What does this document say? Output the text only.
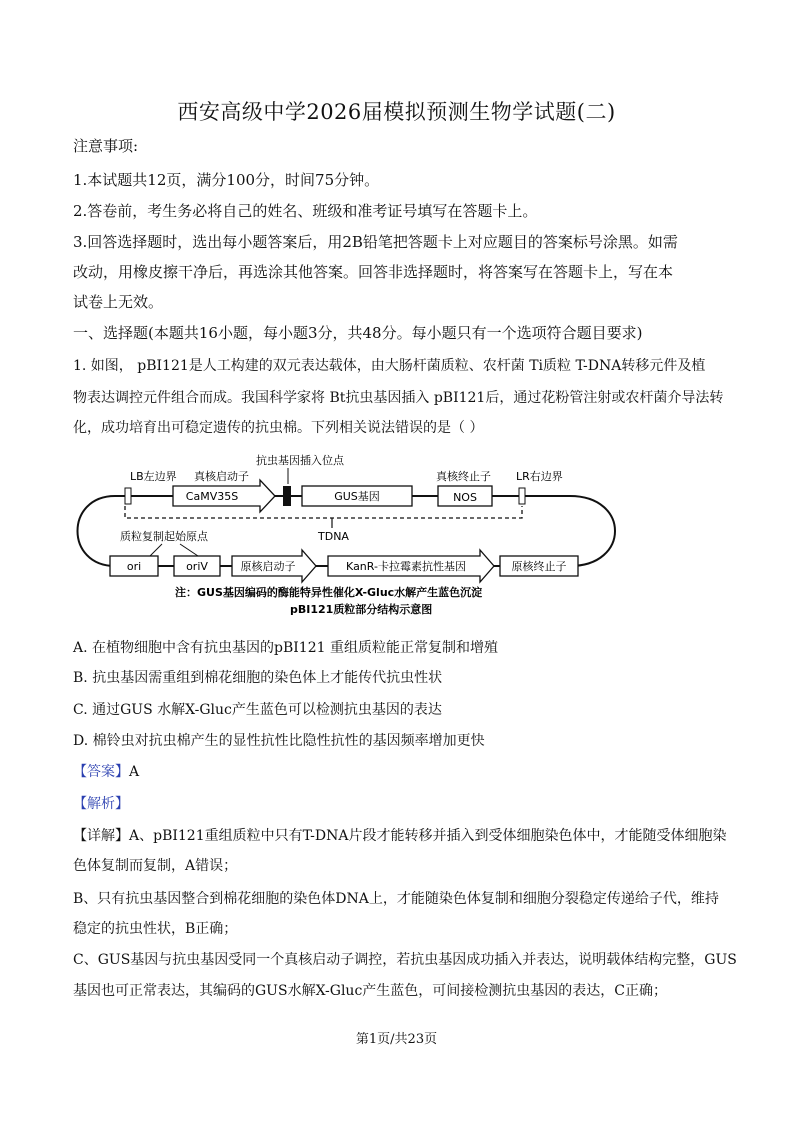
西安高级中学2026届模拟预测生物学试题(二)
注意事项:
1.本试题共12页，满分100分，时间75分钟。
2.答卷前，考生务必将自己的姓名、班级和准考证号填写在答题卡上。
3.回答选择题时，选出每小题答案后，用2B铅笔把答题卡上对应题目的答案标号涂黑。如需
改动，用橡皮擦干净后，再选涂其他答案。回答非选择题时，将答案写在答题卡上，写在本
试卷上无效。
一、选择题(本题共16小题，每小题3分，共48分。每小题只有一个选项符合题目要求)
1. 如图， pBI121是人工构建的双元表达载体，由大肠杆菌质粒、农杆菌 Ti质粒 T-DNA转移元件及植
物表达调控元件组合而成。我国科学家将 Bt抗虫基因插入 pBI121后，通过花粉管注射或农杆菌介导法转
化，成功培育出可稳定遗传的抗虫棉。下列相关说法错误的是（ ）
CaMV35S	GUS基因	NOS
LB左边界 真核启动子
抗虫基因插入位点
真核终止子 LR右边界
TDNA
质粒复制起始原点
ori	oriV	原核启动子	KanR-卡拉霉素抗性基因	原核终止子
注：GUS基因编码的酶能特异性催化X-Gluc水解产生蓝色沉淀
pBI121质粒部分结构示意图
A. 在植物细胞中含有抗虫基因的pBI121 重组质粒能正常复制和增殖
B. 抗虫基因需重组到棉花细胞的染色体上才能传代抗虫性状
C. 通过GUS 水解X-Gluc产生蓝色可以检测抗虫基因的表达
D. 棉铃虫对抗虫棉产生的显性抗性比隐性抗性的基因频率增加更快
【答案】A
【解析】
【详解】A、pBI121重组质粒中只有T-DNA片段才能转移并插入到受体细胞染色体中，才能随受体细胞染
色体复制而复制，A错误；
B、只有抗虫基因整合到棉花细胞的染色体DNA上，才能随染色体复制和细胞分裂稳定传递给子代，维持
稳定的抗虫性状，B正确；
C、GUS基因与抗虫基因受同一个真核启动子调控，若抗虫基因成功插入并表达，说明载体结构完整，GUS
基因也可正常表达，其编码的GUS水解X-Gluc产生蓝色，可间接检测抗虫基因的表达，C正确；
第1页/共23页
